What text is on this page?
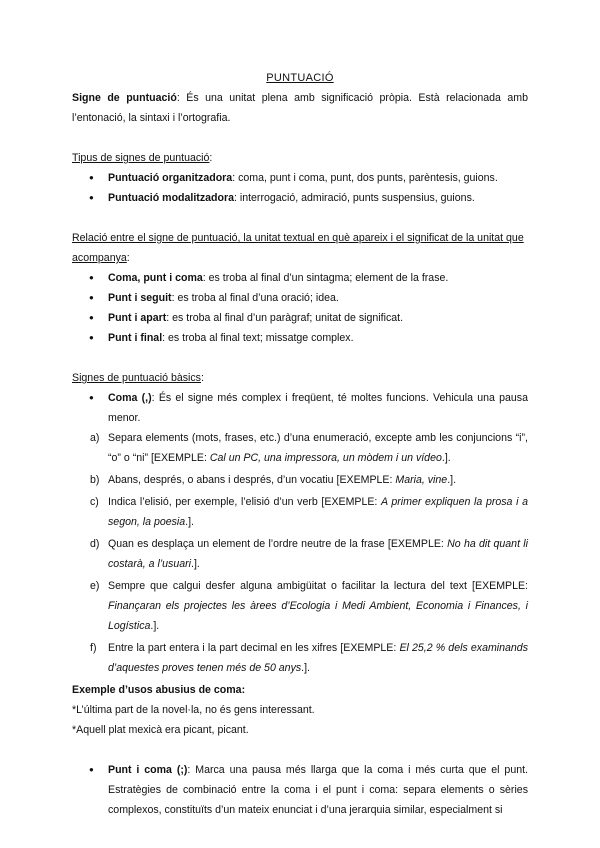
PUNTUACIÓ

Signe de puntuació: És una unitat plena amb significació pròpia. Està relacionada amb l’entonació, la sintaxi i l’ortografia.

Tipus de signes de puntuació:

● Puntuació organitzadora: coma, punt i coma, punt, dos punts, parèntesis, guions.
● Puntuació modalitzadora: interrogació, admiració, punts suspensius, guions.

Relació entre el signe de puntuació, la unitat textual en què apareix i el significat de la unitat que acompanya:

● Coma, punt i coma: es troba al final d’un sintagma; element de la frase.
● Punt i seguit: es troba al final d’una oració; idea.
● Punt i apart: es troba al final d’un paràgraf; unitat de significat.
● Punt i final: es troba al final text; missatge complex.

Signes de puntuació bàsics:

● Coma (,): És el signe més complex i freqüent, té moltes funcions. Vehicula una pausa menor.
a) Separa elements (mots, frases, etc.) d’una enumeració, excepte amb les conjuncions “i”, “o” o “ni” [EXEMPLE: Cal un PC, una impressora, un mòdem i un vídeo.].
b) Abans, després, o abans i després, d’un vocatiu [EXEMPLE: Maria, vine.].
c) Indica l’elisió, per exemple, l’elisió d’un verb [EXEMPLE: A primer expliquen la prosa i a segon, la poesia.].
d) Quan es desplaça un element de l’ordre neutre de la frase [EXEMPLE: No ha dit quant li costarà, a l’usuari.].
e) Sempre que calgui desfer alguna ambigüitat o facilitar la lectura del text [EXEMPLE: Finançaran els projectes les àrees d’Ecologia i Medi Ambient, Economia i Finances, i Logística.].
f) Entre la part entera i la part decimal en les xifres [EXEMPLE: El 25,2 % dels examinands d’aquestes proves tenen més de 50 anys.].

Exemple d’usos abusius de coma:

*L’última part de la novel·la, no és gens interessant.

*Aquell plat mexicà era picant, picant.

● Punt i coma (;): Marca una pausa més llarga que la coma i més curta que el punt. Estratègies de combinació entre la coma i el punt i coma: separa elements o sèries complexos, constituïts d’un mateix enunciat i d’una jerarquia similar, especialment si
